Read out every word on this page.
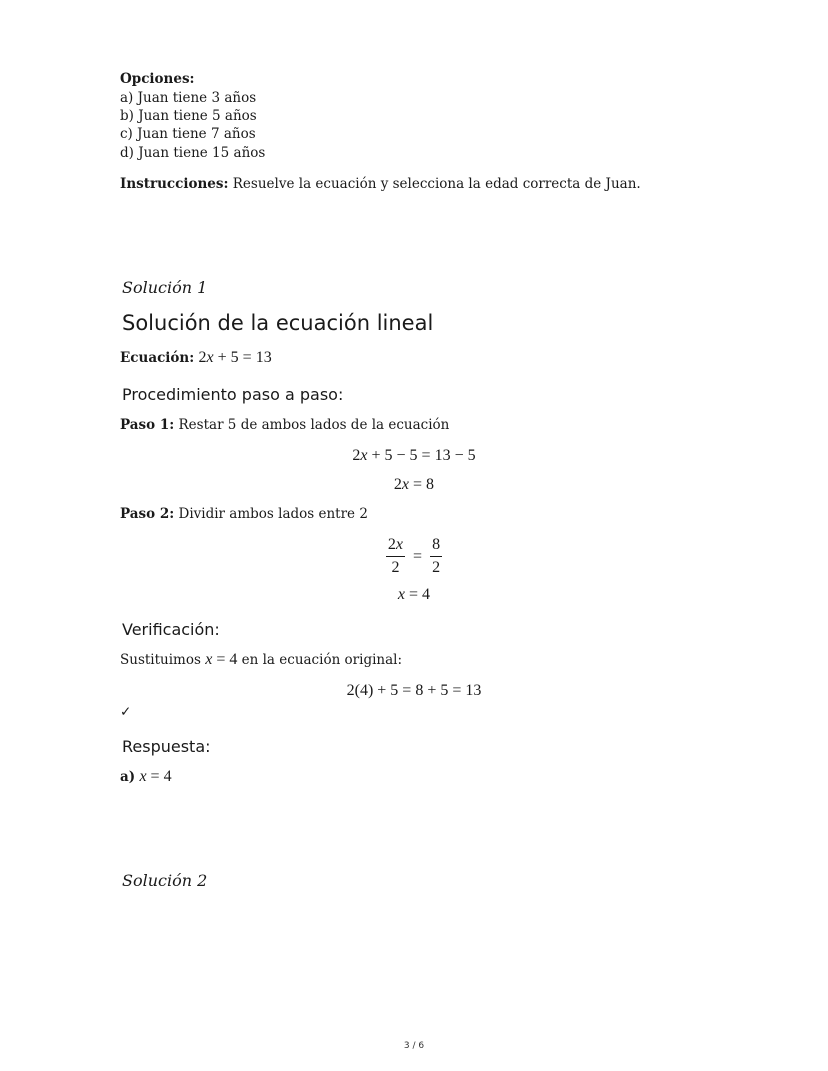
Opciones:
a) Juan tiene 3 años
b) Juan tiene 5 años
c) Juan tiene 7 años
d) Juan tiene 15 años
Instrucciones: Resuelve la ecuación y selecciona la edad correcta de Juan.
Solución 1
Solución de la ecuación lineal
Ecuación: 2x + 5 = 13
Procedimiento paso a paso:
Paso 1: Restar 5 de ambos lados de la ecuación
2x + 5 − 5 = 13 − 5
2x = 8
Paso 2: Dividir ambos lados entre 2
$\frac{2x}{2} = \frac{8}{2}$
x = 4
Verificación:
Sustituimos x = 4 en la ecuación original:
2(4) + 5 = 8 + 5 = 13
✓
Respuesta:
a) x = 4
Solución 2
3 / 6
